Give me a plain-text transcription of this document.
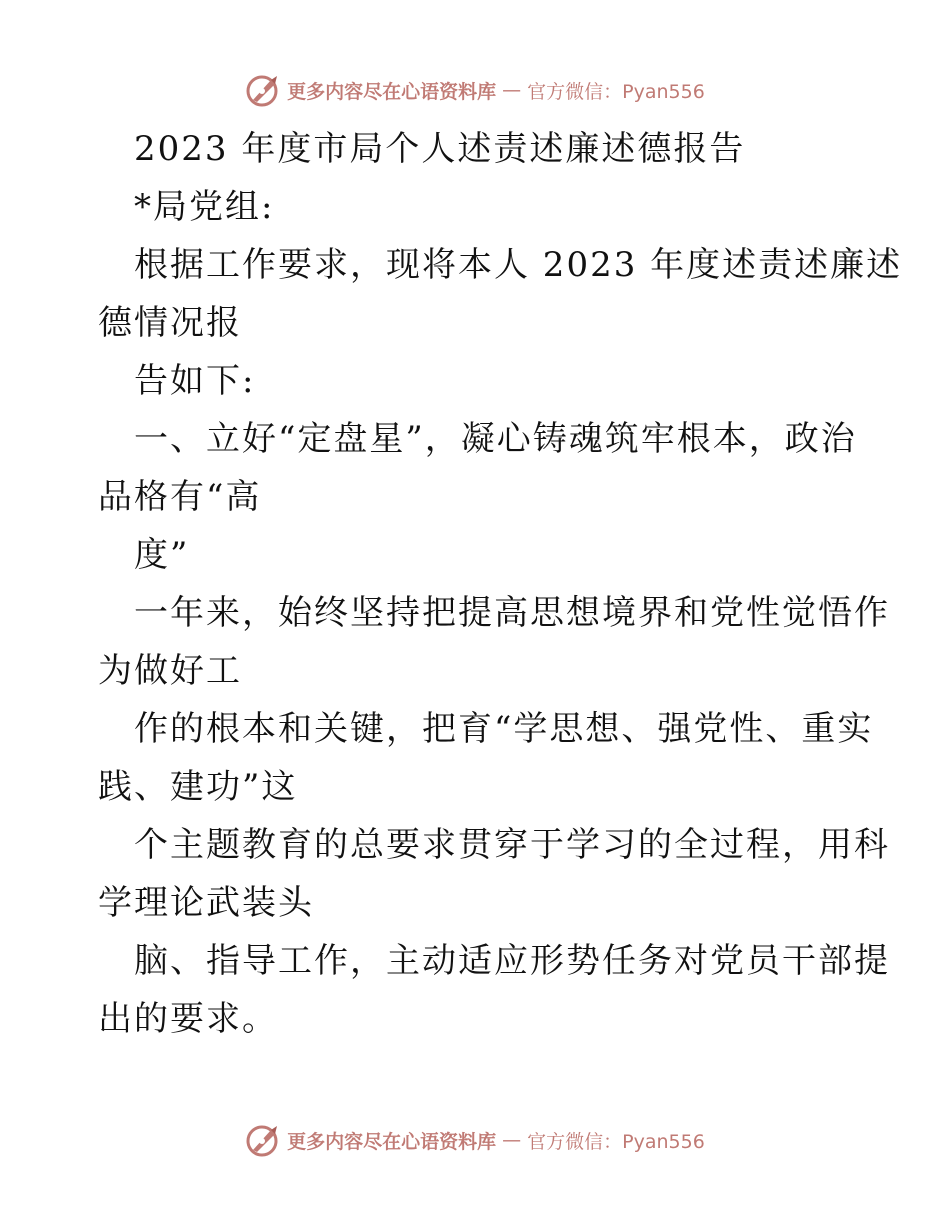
更多内容尽在心语资料库 — 官方微信：Pyan556
2023 年度市局个人述责述廉述德报告
*局党组:
根据工作要求，现将本人 2023 年度述责述廉述
德情况报
告如下:
一、立好“定盘星”，凝心铸魂筑牢根本，政治
品格有“高
度”
一年来，始终坚持把提高思想境界和党性觉悟作
为做好工
作的根本和关键，把育“学思想、强党性、重实
践、建功”这
个主题教育的总要求贯穿于学习的全过程，用科
学理论武装头
脑、指导工作，主动适应形势任务对党员干部提
出的要求。
更多内容尽在心语资料库 — 官方微信：Pyan556
